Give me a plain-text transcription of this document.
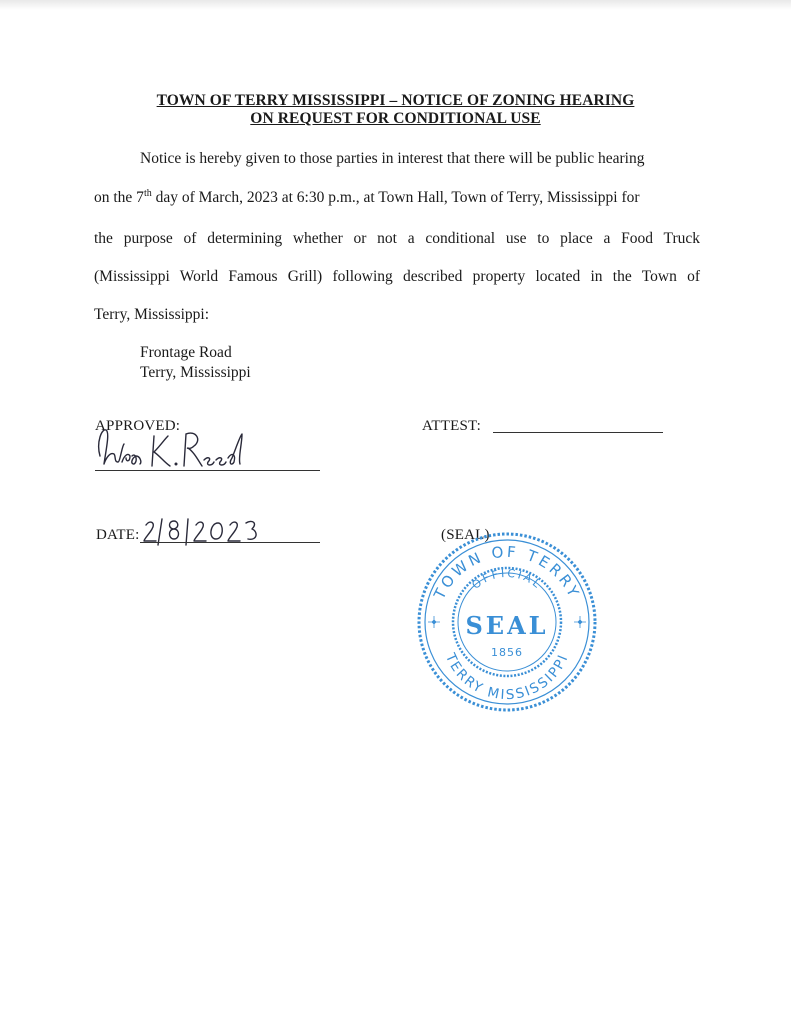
TOWN OF TERRY MISSISSIPPI – NOTICE OF ZONING HEARING
ON REQUEST FOR CONDITIONAL USE
Notice is hereby given to those parties in interest that there will be public hearing
on the 7th day of March, 2023 at 6:30 p.m., at Town Hall, Town of Terry, Mississippi for
the purpose of determining whether or not a conditional use to place a Food Truck
(Mississippi World Famous Grill) following described property located in the Town of
Terry, Mississippi:
Frontage Road
Terry, Mississippi
APPROVED:	ATTEST:
DATE:	(SEAL)
TOWN OF TERRY
TERRY MISSISSIPPI
OFFICIAL
SEAL
1856
